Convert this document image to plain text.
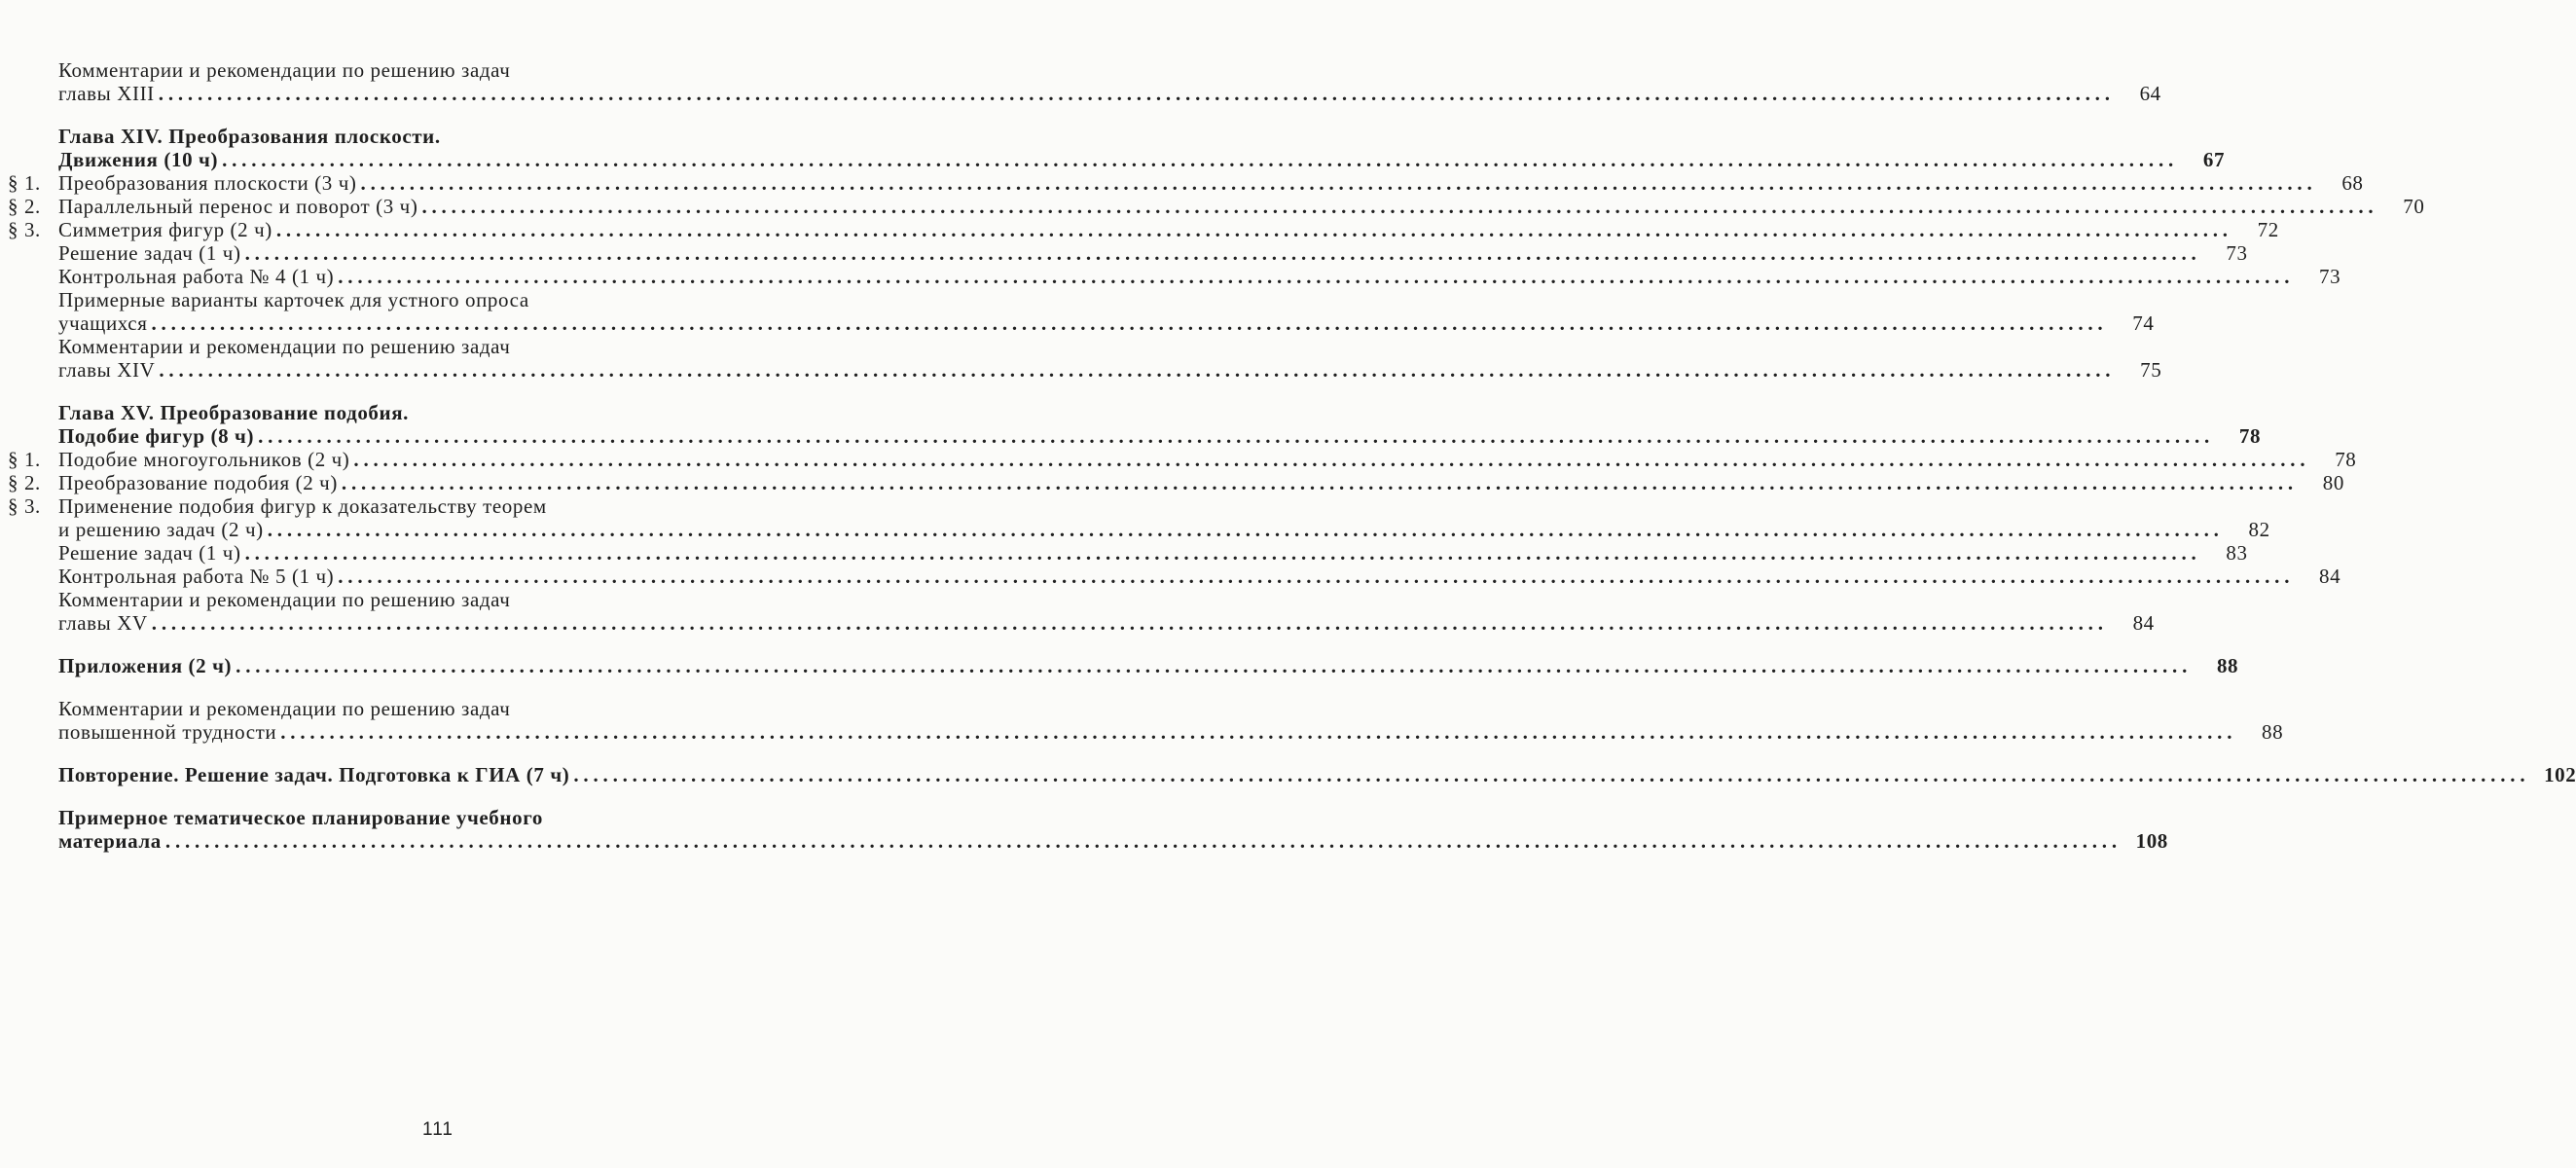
Комментарии и рекомендации по решению задач
главы XIII ........................................................................................................................................................................................................	64
Глава XIV. Преобразования плоскости.
Движения (10 ч) ........................................................................................................................................................................................................	67
§ 1. Преобразования плоскости (3 ч) ........................................................................................................................................................................................................	68
§ 2. Параллельный перенос и поворот (3 ч) ........................................................................................................................................................................................................	70
§ 3. Симметрия фигур (2 ч) ........................................................................................................................................................................................................	72
Решение задач (1 ч) ........................................................................................................................................................................................................	73
Контрольная работа № 4 (1 ч) ........................................................................................................................................................................................................	73
Примерные варианты карточек для устного опроса
учащихся ........................................................................................................................................................................................................	74
Комментарии и рекомендации по решению задач
главы XIV ........................................................................................................................................................................................................	75
Глава XV. Преобразование подобия.
Подобие фигур (8 ч) ........................................................................................................................................................................................................	78
§ 1. Подобие многоугольников (2 ч) ........................................................................................................................................................................................................	78
§ 2. Преобразование подобия (2 ч) ........................................................................................................................................................................................................	80
§ 3. Применение подобия фигур к доказательству теорем
и решению задач (2 ч) ........................................................................................................................................................................................................	82
Решение задач (1 ч) ........................................................................................................................................................................................................	83
Контрольная работа № 5 (1 ч) ........................................................................................................................................................................................................	84
Комментарии и рекомендации по решению задач
главы XV ........................................................................................................................................................................................................	84
Приложения (2 ч) ........................................................................................................................................................................................................	88
Комментарии и рекомендации по решению задач
повышенной трудности ........................................................................................................................................................................................................	88
Повторение. Решение задач. Подготовка к ГИА (7 ч) ........................................................................................................................................................................................................ 102
Примерное тематическое планирование учебного
материала ........................................................................................................................................................................................................ 108
111
